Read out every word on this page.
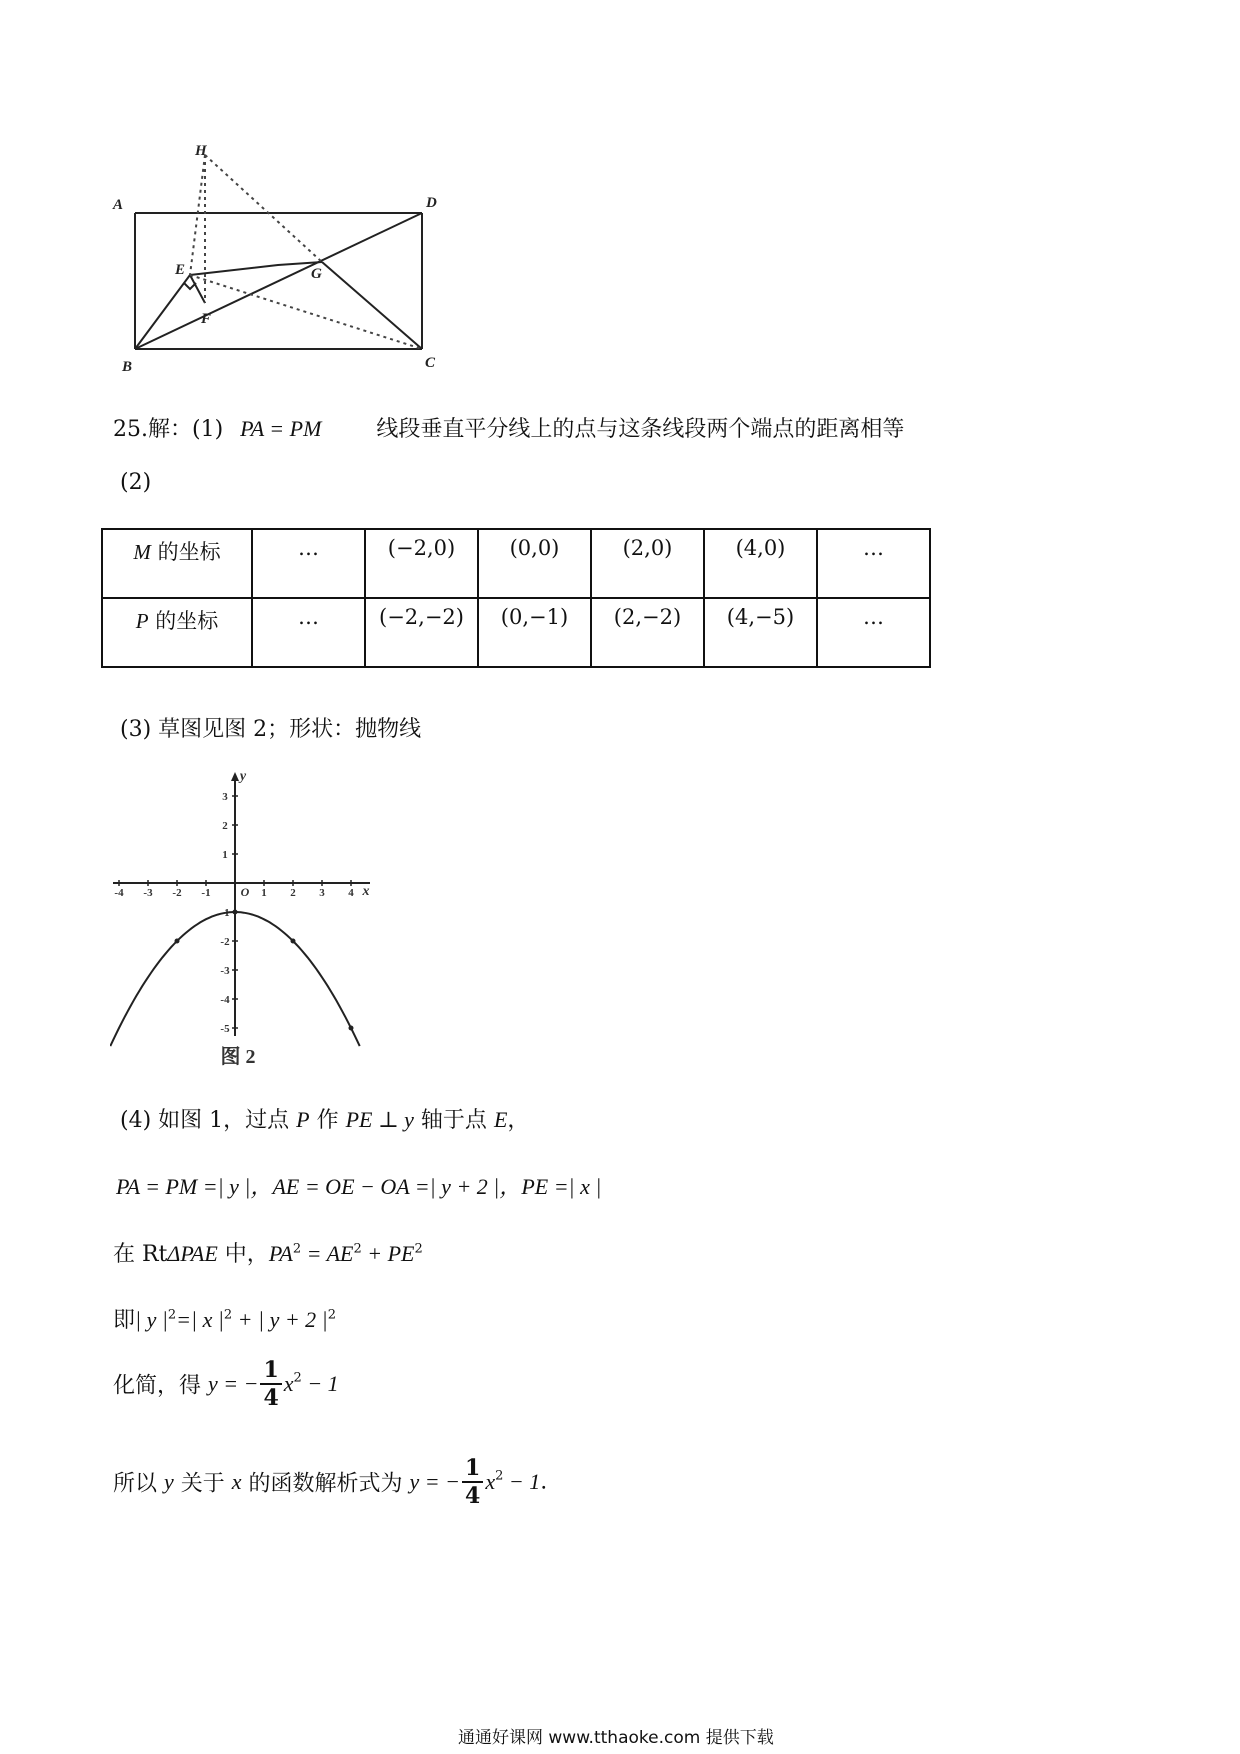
H
A	D
E	G
F
B	C
25.解：(1) PA = PM	线段垂直平分线上的点与这条线段两个端点的距离相等
(2)
M 的坐标	…	(−2,0)	(0,0)	(2,0)	(4,0)	…
P 的坐标	…	(−2,−2)	(0,−1)	(2,−2)	(4,−5)	…
(3) 草图见图 2；形状：抛物线
y
x
O
-4 -3 -2 -1	1 2 3 4
3
2
1
-1
-2
-3
-4
-5
图 2
(4) 如图 1，过点 P 作 PE ⊥ y 轴于点 E，
PA = PM =| y |，AE = OE − OA =| y + 2 |，PE =| x |
在 RtΔPAE 中，$PA^2 = AE^2 + PE^2$
即| y $|^2=|$ x $|^2$ + | y + 2 $|^2$
化简，得 y = − $\frac{1}{4} x^2 - 1$
所以 y 关于 x 的函数解析式为 y = − $\frac{1}{4} x^2 - 1$.
通通好课网 www.tthaoke.com 提供下载
